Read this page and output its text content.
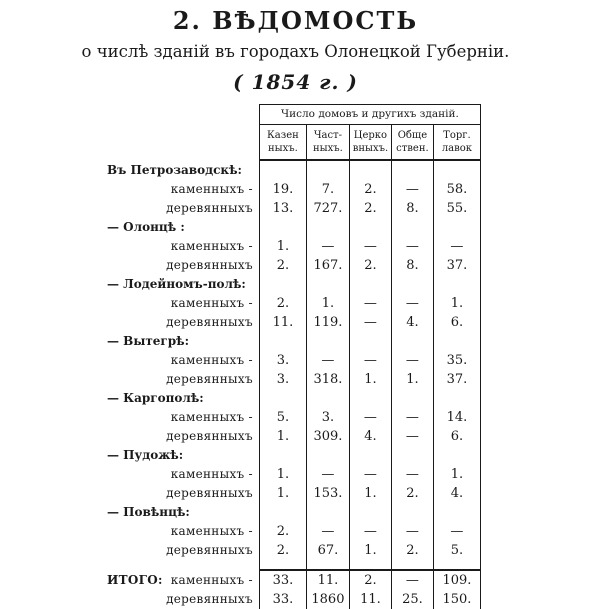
2. ВѢДОМОСТЬ
о числѣ зданій въ городахъ Олонецкой Губерніи.
( 1854 г. )
	Число домовъ и другихъ зданій.				
	Казен ныхъ.	Част- ныхъ.	Церко вныхъ.	Обще ствен.	Торг. лавок
Въ Петрозаводскѣ:					
каменныхъ -	19.	7.	2.	—	58.
деревянныхъ	13.	727.	2.	8.	55.
— Олонцѣ :					
каменныхъ -	1.	—	—	—	—
деревянныхъ	2.	167.	2.	8.	37.
— Лодейномъ-полѣ:					
каменныхъ -	2.	1.	—	—	1.
деревянныхъ	11.	119.	—	4.	6.
— Вытегрѣ:					
каменныхъ -	3.	—	—	—	35.
деревянныхъ	3.	318.	1.	1.	37.
— Каргополѣ:					
каменныхъ -	5.	3.	—	—	14.
деревянныхъ	1.	309.	4.	—	6.
— Пудожѣ:					
каменныхъ -	1.	—	—	—	1.
деревянныхъ	1.	153.	1.	2.	4.
— Повѣнцѣ:					
каменныхъ -	2.	—	—	—	—
деревянныхъ	2.	67.	1.	2.	5.

ИТОГО: каменныхъ -	33.	11.	2.	—	109.
деревянныхъ	33.	1860	11.	25.	150.
